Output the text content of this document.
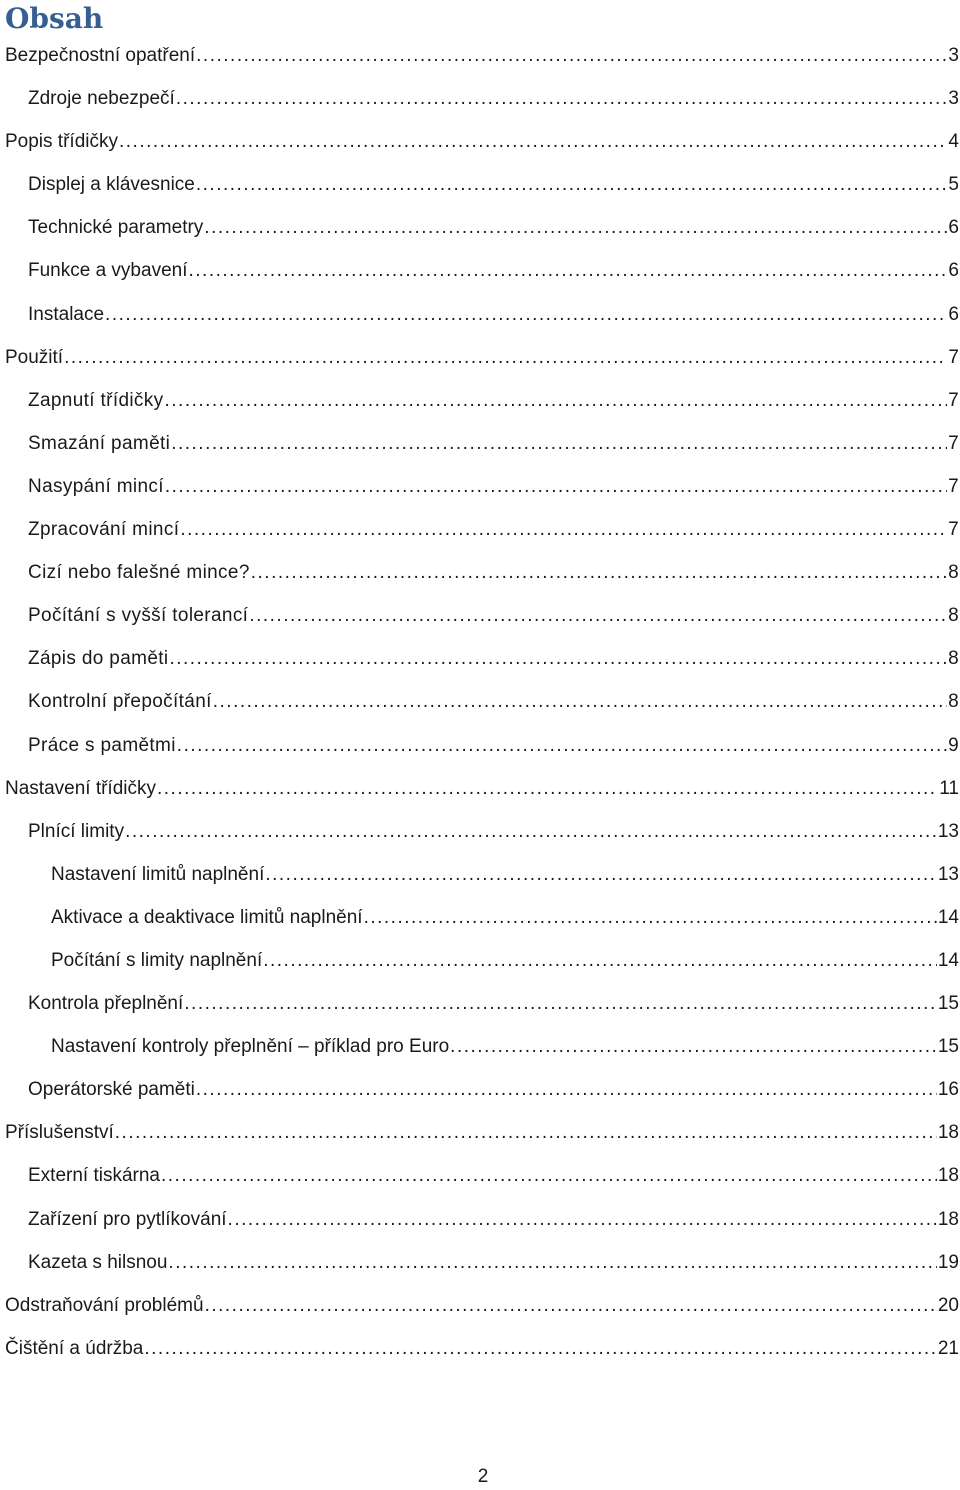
Obsah
Bezpečnostní opatření .....	3
Zdroje nebezpečí .....	3
Popis třídičky .....	4
Displej a klávesnice .....	5
Technické parametry .....	6
Funkce a vybavení .....	6
Instalace .....	6
Použití .....	7
Zapnutí třídičky .....	7
Smazání paměti .....	7
Nasypání mincí .....	7
Zpracování mincí .....	7
Cizí nebo falešné mince? .....	8
Počítání s vyšší tolerancí .....	8
Zápis do paměti .....	8
Kontrolní přepočítání .....	8
Práce s pamětmi .....	9
Nastavení třídičky .....	11
Plnící limity .....	13
Nastavení limitů naplnění .....	13
Aktivace a deaktivace limitů naplnění .....	14
Počítání s limity naplnění .....	14
Kontrola přeplnění .....	15
Nastavení kontroly přeplnění – příklad pro Euro .....	15
Operátorské paměti .....	16
Příslušenství .....	18
Externí tiskárna .....	18
Zařízení pro pytlíkování .....	18
Kazeta s hilsnou .....	19
Odstraňování problémů .....	20
Čištění a údržba .....	21
2
